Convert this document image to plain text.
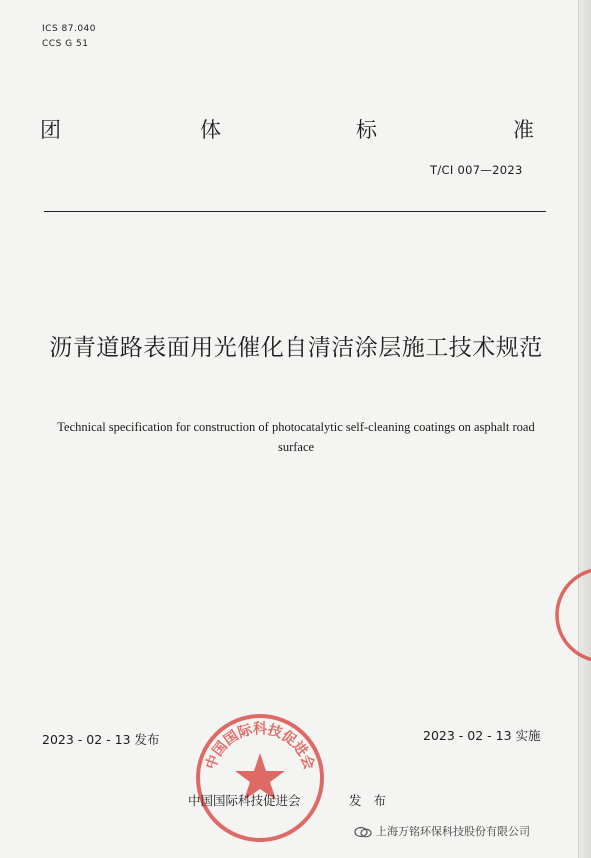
ICS 87.040
CCS G 51
团	体	标	准
T/CI 007—2023
沥青道路表面用光催化自清洁涂层施工技术规范
Technical specification for construction of photocatalytic self-cleaning coatings on asphalt road surface
2023 - 02 - 13 发布	2023 - 02 - 13 实施
中国国际科技促进会
中国国际科技促进会	发 布
上海万铭环保科技股份有限公司
